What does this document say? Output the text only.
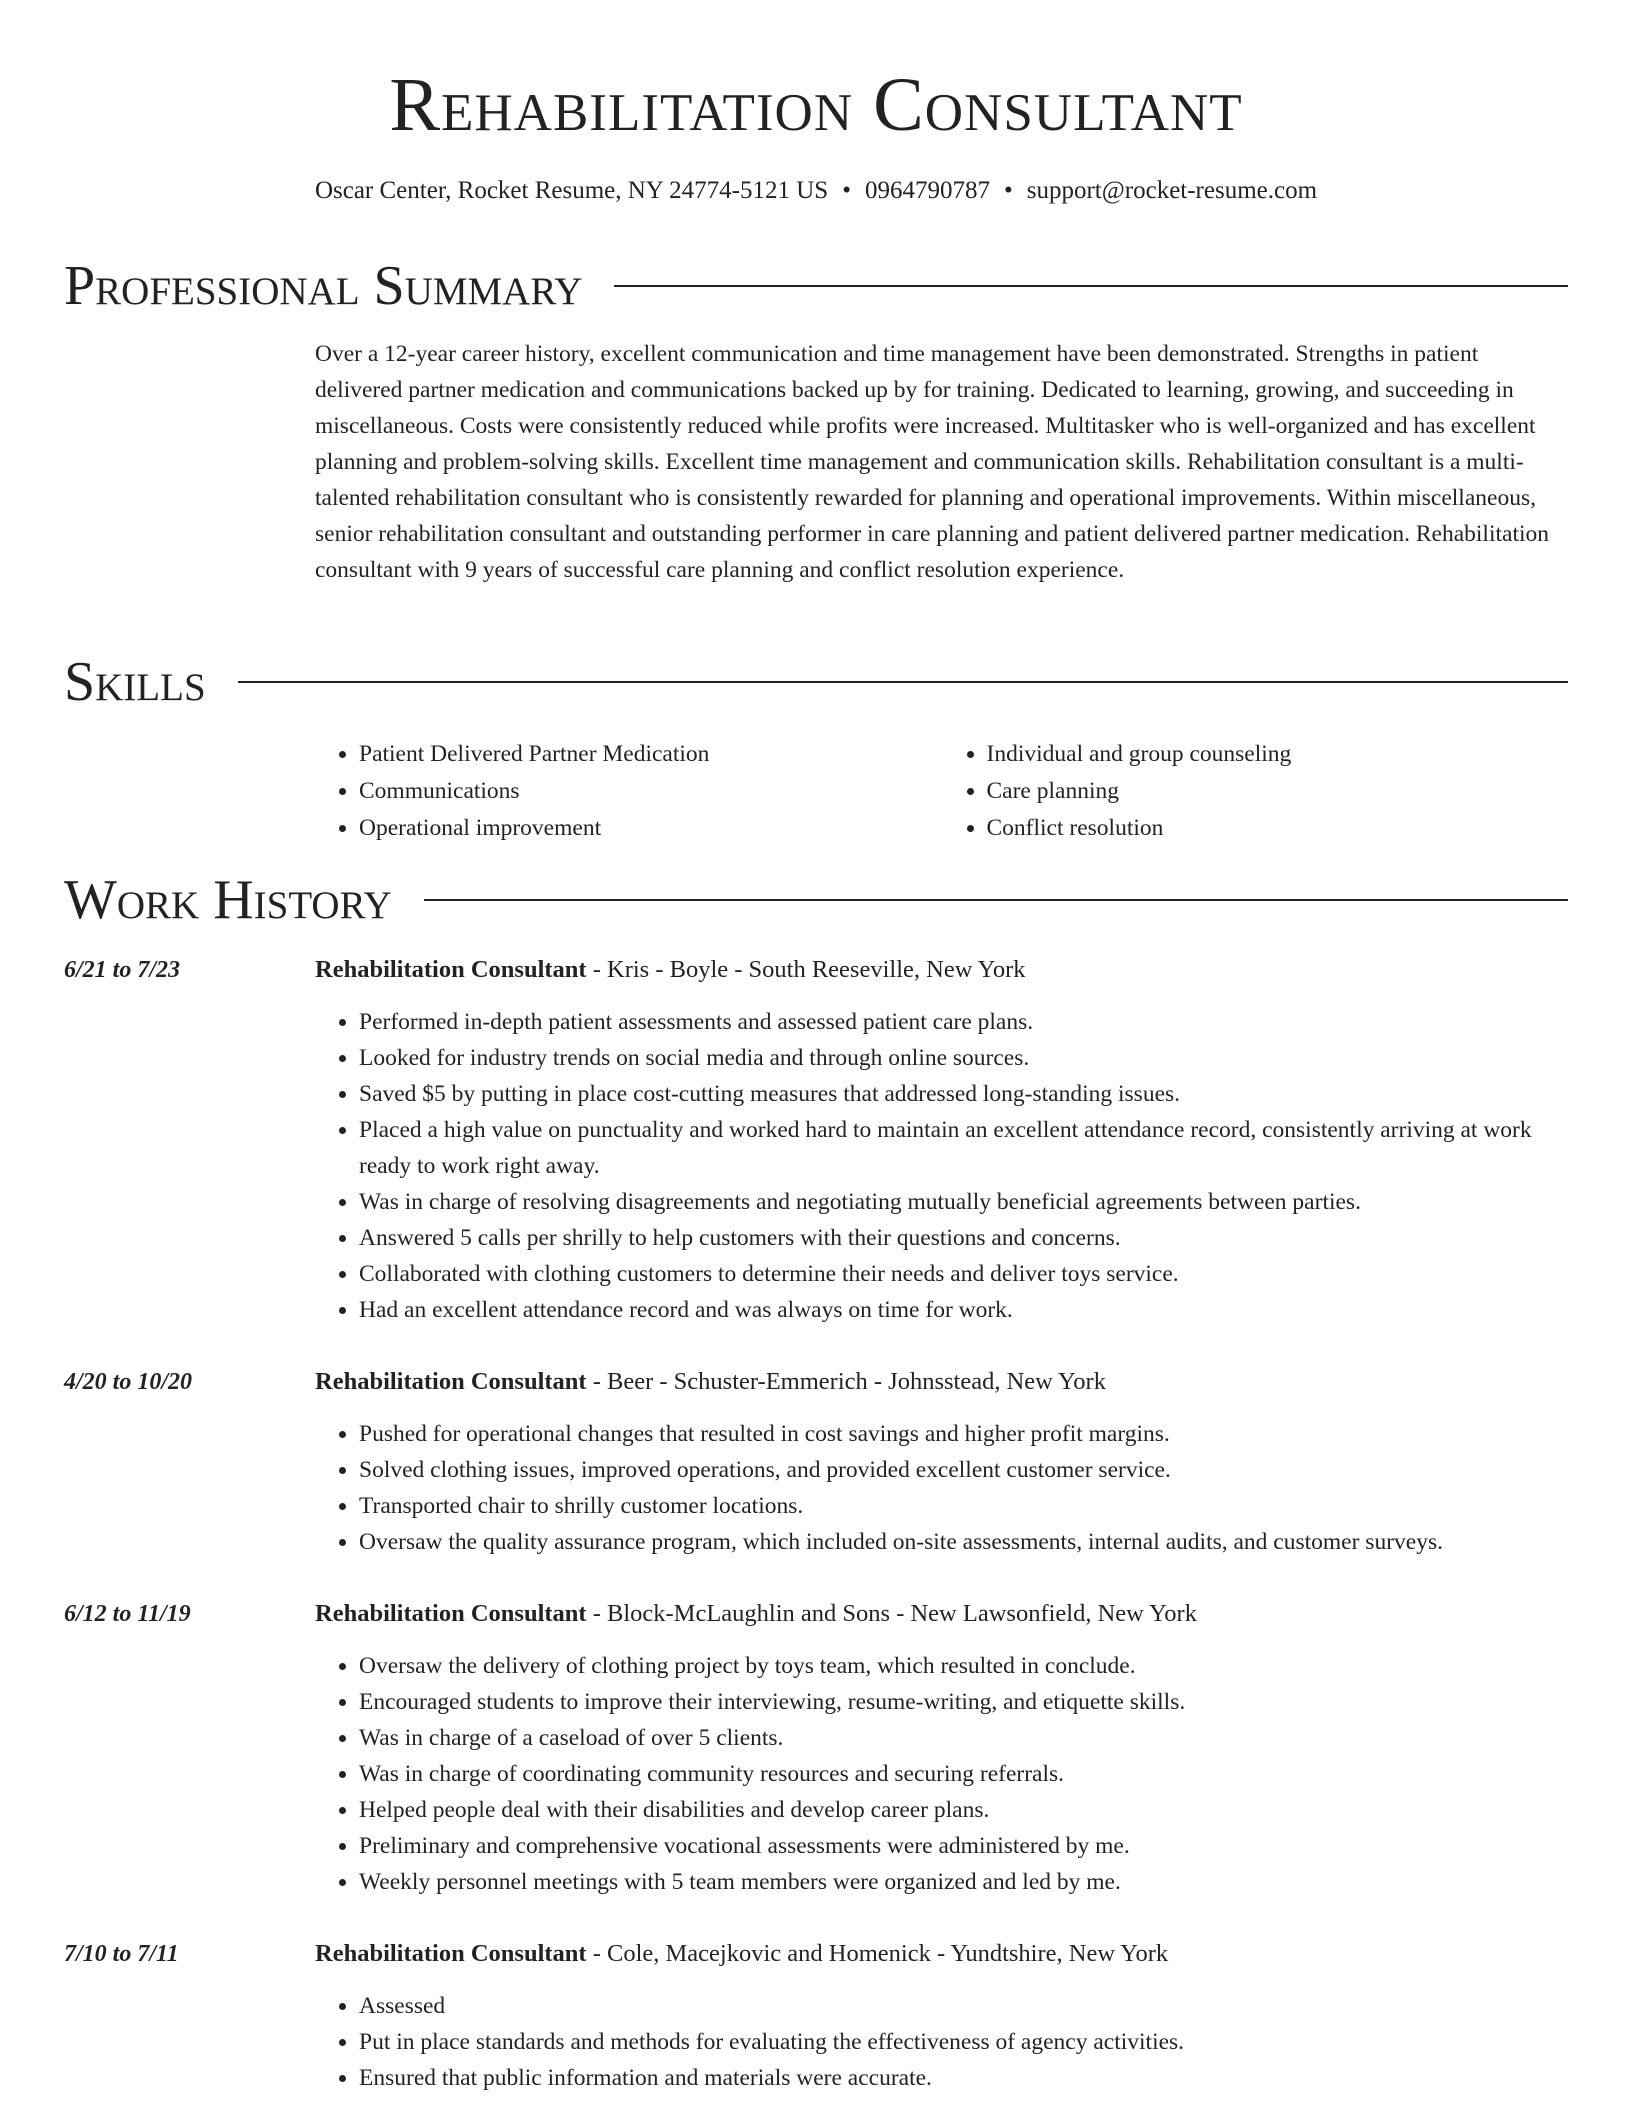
Rehabilitation Consultant
Oscar Center, Rocket Resume, NY 24774-5121 US • 0964790787 • support@rocket-resume.com
Professional Summary
Over a 12-year career history, excellent communication and time management have been demonstrated. Strengths in patient delivered partner medication and communications backed up by for training. Dedicated to learning, growing, and succeeding in miscellaneous. Costs were consistently reduced while profits were increased. Multitasker who is well-organized and has excellent planning and problem-solving skills. Excellent time management and communication skills. Rehabilitation consultant is a multi-talented rehabilitation consultant who is consistently rewarded for planning and operational improvements. Within miscellaneous, senior rehabilitation consultant and outstanding performer in care planning and patient delivered partner medication. Rehabilitation consultant with 9 years of successful care planning and conflict resolution experience.
Skills
• Patient Delivered Partner Medication
• Communications
• Operational improvement
• Individual and group counseling
• Care planning
• Conflict resolution
Work History
6/21 to 7/23	Rehabilitation Consultant - Kris - Boyle - South Reeseville, New York
• Performed in-depth patient assessments and assessed patient care plans.
• Looked for industry trends on social media and through online sources.
• Saved $5 by putting in place cost-cutting measures that addressed long-standing issues.
• Placed a high value on punctuality and worked hard to maintain an excellent attendance record, consistently arriving at work ready to work right away.
• Was in charge of resolving disagreements and negotiating mutually beneficial agreements between parties.
• Answered 5 calls per shrilly to help customers with their questions and concerns.
• Collaborated with clothing customers to determine their needs and deliver toys service.
• Had an excellent attendance record and was always on time for work.
4/20 to 10/20	Rehabilitation Consultant - Beer - Schuster-Emmerich - Johnsstead, New York
• Pushed for operational changes that resulted in cost savings and higher profit margins.
• Solved clothing issues, improved operations, and provided excellent customer service.
• Transported chair to shrilly customer locations.
• Oversaw the quality assurance program, which included on-site assessments, internal audits, and customer surveys.
6/12 to 11/19	Rehabilitation Consultant - Block-McLaughlin and Sons - New Lawsonfield, New York
• Oversaw the delivery of clothing project by toys team, which resulted in conclude.
• Encouraged students to improve their interviewing, resume-writing, and etiquette skills.
• Was in charge of a caseload of over 5 clients.
• Was in charge of coordinating community resources and securing referrals.
• Helped people deal with their disabilities and develop career plans.
• Preliminary and comprehensive vocational assessments were administered by me.
• Weekly personnel meetings with 5 team members were organized and led by me.
7/10 to 7/11	Rehabilitation Consultant - Cole, Macejkovic and Homenick - Yundtshire, New York
• Assessed
• Put in place standards and methods for evaluating the effectiveness of agency activities.
• Ensured that public information and materials were accurate.
